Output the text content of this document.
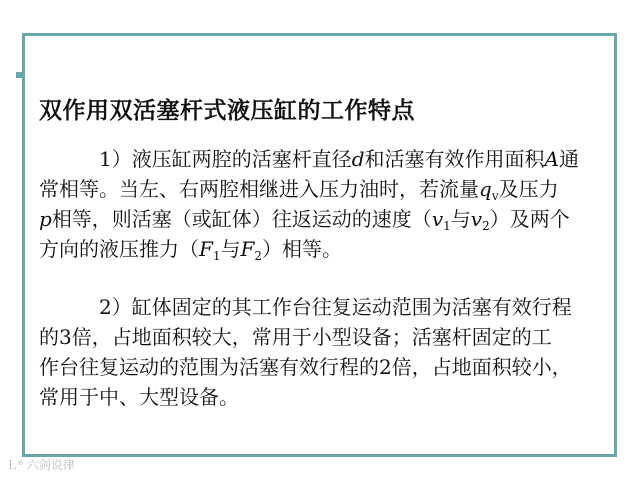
双作用双活塞杆式液压缸的工作特点
1）液压缸两腔的活塞杆直径d和活塞有效作用面积A通
常相等。当左、右两腔相继进入压力油时，若流量$q_v$及压力
p相等，则活塞（或缸体）往返运动的速度（$v_1$与$v_2$）及两个
方向的液压推力（$F_1$与$F_2$）相等。
2）缸体固定的其工作台往复运动范围为活塞有效行程
的3倍，占地面积较大，常用于小型设备；活塞杆固定的工
作台往复运动的范围为活塞有效行程的2倍，占地面积较小，
常用于中、大型设备。
Ｌ⁶ 六剑说律
